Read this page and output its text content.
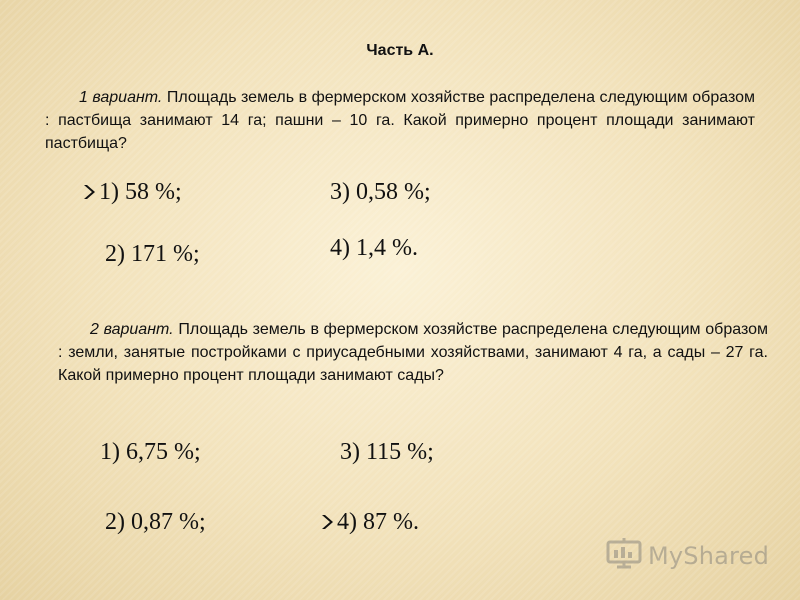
Часть А.
1 вариант. Площадь земель в фермерском хозяйстве распределена следующим образом : пастбища занимают 14 га; пашни – 10 га. Какой примерно процент площади занимают пастбища?
1) 58 %;	3) 0,58 %;
2) 171 %;	4) 1,4 %.
2 вариант. Площадь земель в фермерском хозяйстве распределена следующим образом : земли, занятые постройками с приусадебными хозяйствами, занимают 4 га, а сады – 27 га. Какой примерно процент площади занимают сады?
1) 6,75 %;	3) 115 %;
2) 0,87 %;	4) 87 %.
MyShared
